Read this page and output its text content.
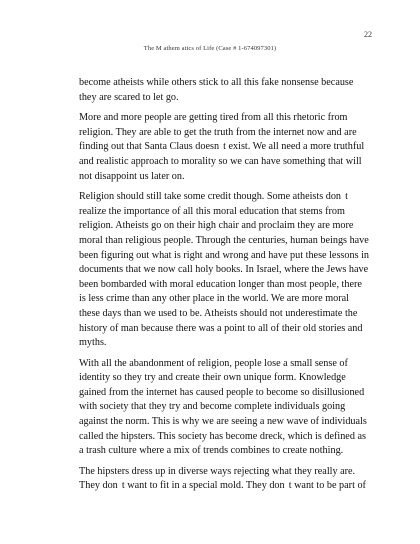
22
The M athem atics of Life (Case # 1-674097301)

become atheists while others stick to all this fake nonsense because they are scared to let go.

More and more people are getting tired from all this rhetoric from religion. They are able to get the truth from the internet now and are finding out that Santa Claus doesn  t exist. We all need a more truthful and realistic approach to morality so we can have something that will not disappoint us later on.

Religion should still take some credit though. Some atheists don  t realize the importance of all this moral education that stems from religion. Atheists go on their high chair and proclaim they are more moral than religious people. Through the centuries, human beings have been figuring out what is right and wrong and have put these lessons in documents that we now call holy books. In Israel, where the Jews have been bombarded with moral education longer than most people, there is less crime than any other place in the world. We are more moral these days than we used to be. Atheists should not underestimate the history of man because there was a point to all of their old stories and myths.

With all the abandonment of religion, people lose a small sense of identity so they try and create their own unique form. Knowledge gained from the internet has caused people to become so disillusioned with society that they try and become complete individuals going against the norm. This is why we are seeing a new wave of individuals called the hipsters. This society has become dreck, which is defined as a trash culture where a mix of trends combines to create nothing.

The hipsters dress up in diverse ways rejecting what they really are. They don  t want to fit in a special mold. They don  t want to be part of
